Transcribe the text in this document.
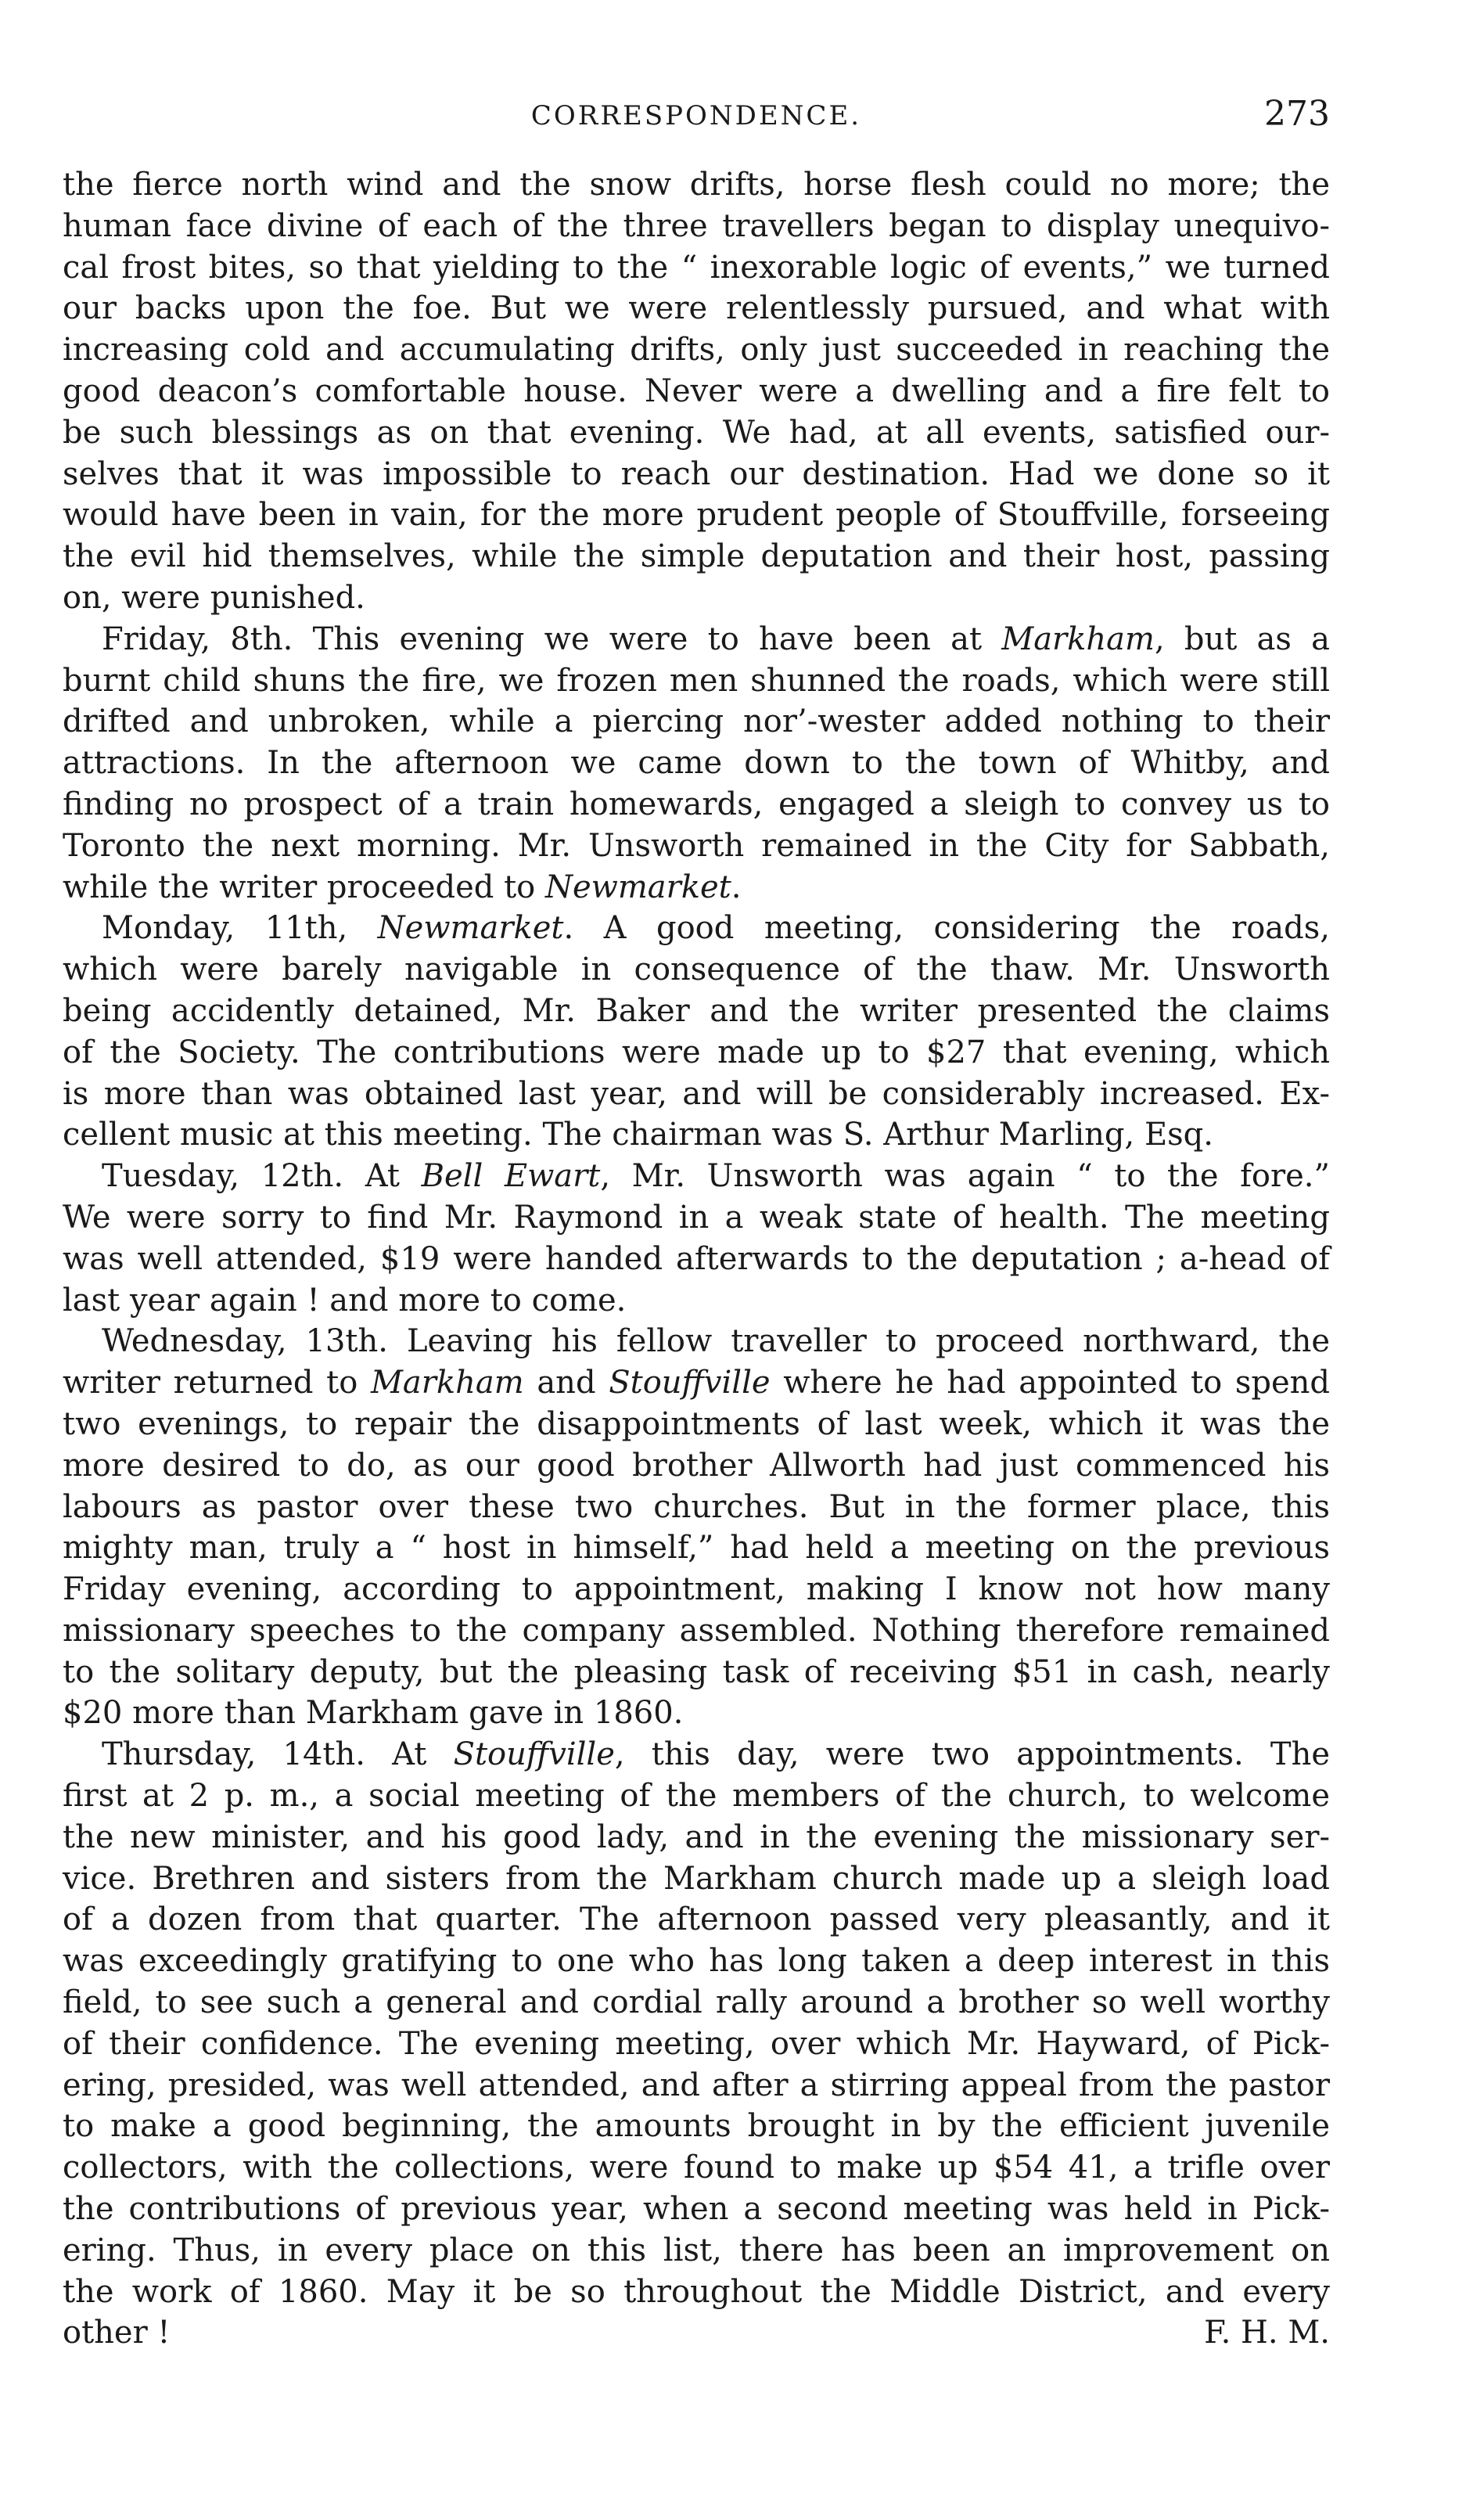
CORRESPONDENCE.	273
the fierce north wind and the snow drifts, horse flesh could no more; the
human face divine of each of the three travellers began to display unequivo-
cal frost bites, so that yielding to the “ inexorable logic of events,” we turned
our backs upon the foe. But we were relentlessly pursued, and what with
increasing cold and accumulating drifts, only just succeeded in reaching the
good deacon’s comfortable house. Never were a dwelling and a fire felt to
be such blessings as on that evening. We had, at all events, satisfied our-
selves that it was impossible to reach our destination. Had we done so it
would have been in vain, for the more prudent people of Stouffville, forseeing
the evil hid themselves, while the simple deputation and their host, passing
on, were punished.
Friday, 8th. This evening we were to have been at Markham, but as a
burnt child shuns the fire, we frozen men shunned the roads, which were still
drifted and unbroken, while a piercing nor’-wester added nothing to their
attractions. In the afternoon we came down to the town of Whitby, and
finding no prospect of a train homewards, engaged a sleigh to convey us to
Toronto the next morning. Mr. Unsworth remained in the City for Sabbath,
while the writer proceeded to Newmarket.
Monday, 11th, Newmarket. A good meeting, considering the roads,
which were barely navigable in consequence of the thaw. Mr. Unsworth
being accidently detained, Mr. Baker and the writer presented the claims
of the Society. The contributions were made up to $27 that evening, which
is more than was obtained last year, and will be considerably increased. Ex-
cellent music at this meeting. The chairman was S. Arthur Marling, Esq.
Tuesday, 12th. At Bell Ewart, Mr. Unsworth was again “ to the fore.”
We were sorry to find Mr. Raymond in a weak state of health. The meeting
was well attended, $19 were handed afterwards to the deputation ; a-head of
last year again ! and more to come.
Wednesday, 13th. Leaving his fellow traveller to proceed northward, the
writer returned to Markham and Stouffville where he had appointed to spend
two evenings, to repair the disappointments of last week, which it was the
more desired to do, as our good brother Allworth had just commenced his
labours as pastor over these two churches. But in the former place, this
mighty man, truly a “ host in himself,” had held a meeting on the previous
Friday evening, according to appointment, making I know not how many
missionary speeches to the company assembled. Nothing therefore remained
to the solitary deputy, but the pleasing task of receiving $51 in cash, nearly
$20 more than Markham gave in 1860.
Thursday, 14th. At Stouffville, this day, were two appointments. The
first at 2 p. m., a social meeting of the members of the church, to welcome
the new minister, and his good lady, and in the evening the missionary ser-
vice. Brethren and sisters from the Markham church made up a sleigh load
of a dozen from that quarter. The afternoon passed very pleasantly, and it
was exceedingly gratifying to one who has long taken a deep interest in this
field, to see such a general and cordial rally around a brother so well worthy
of their confidence. The evening meeting, over which Mr. Hayward, of Pick-
ering, presided, was well attended, and after a stirring appeal from the pastor
to make a good beginning, the amounts brought in by the efficient juvenile
collectors, with the collections, were found to make up $54 41, a trifle over
the contributions of previous year, when a second meeting was held in Pick-
ering. Thus, in every place on this list, there has been an improvement on
the work of 1860. May it be so throughout the Middle District, and every
other !	F. H. M.
